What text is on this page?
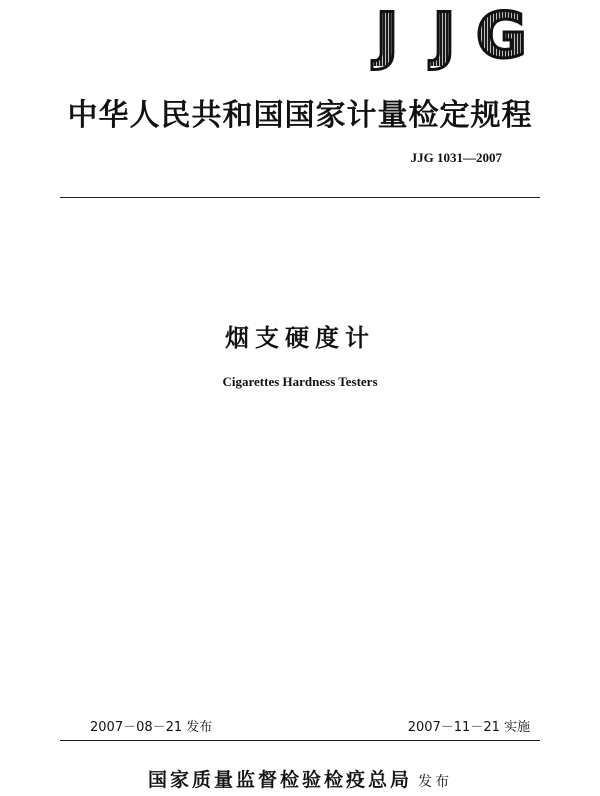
J J G
中华人民共和国国家计量检定规程
JJG 1031—2007
烟支硬度计
Cigarettes Hardness Testers
2007－08－21 发布	2007－11－21 实施
国家质量监督检验检疫总局 发布
